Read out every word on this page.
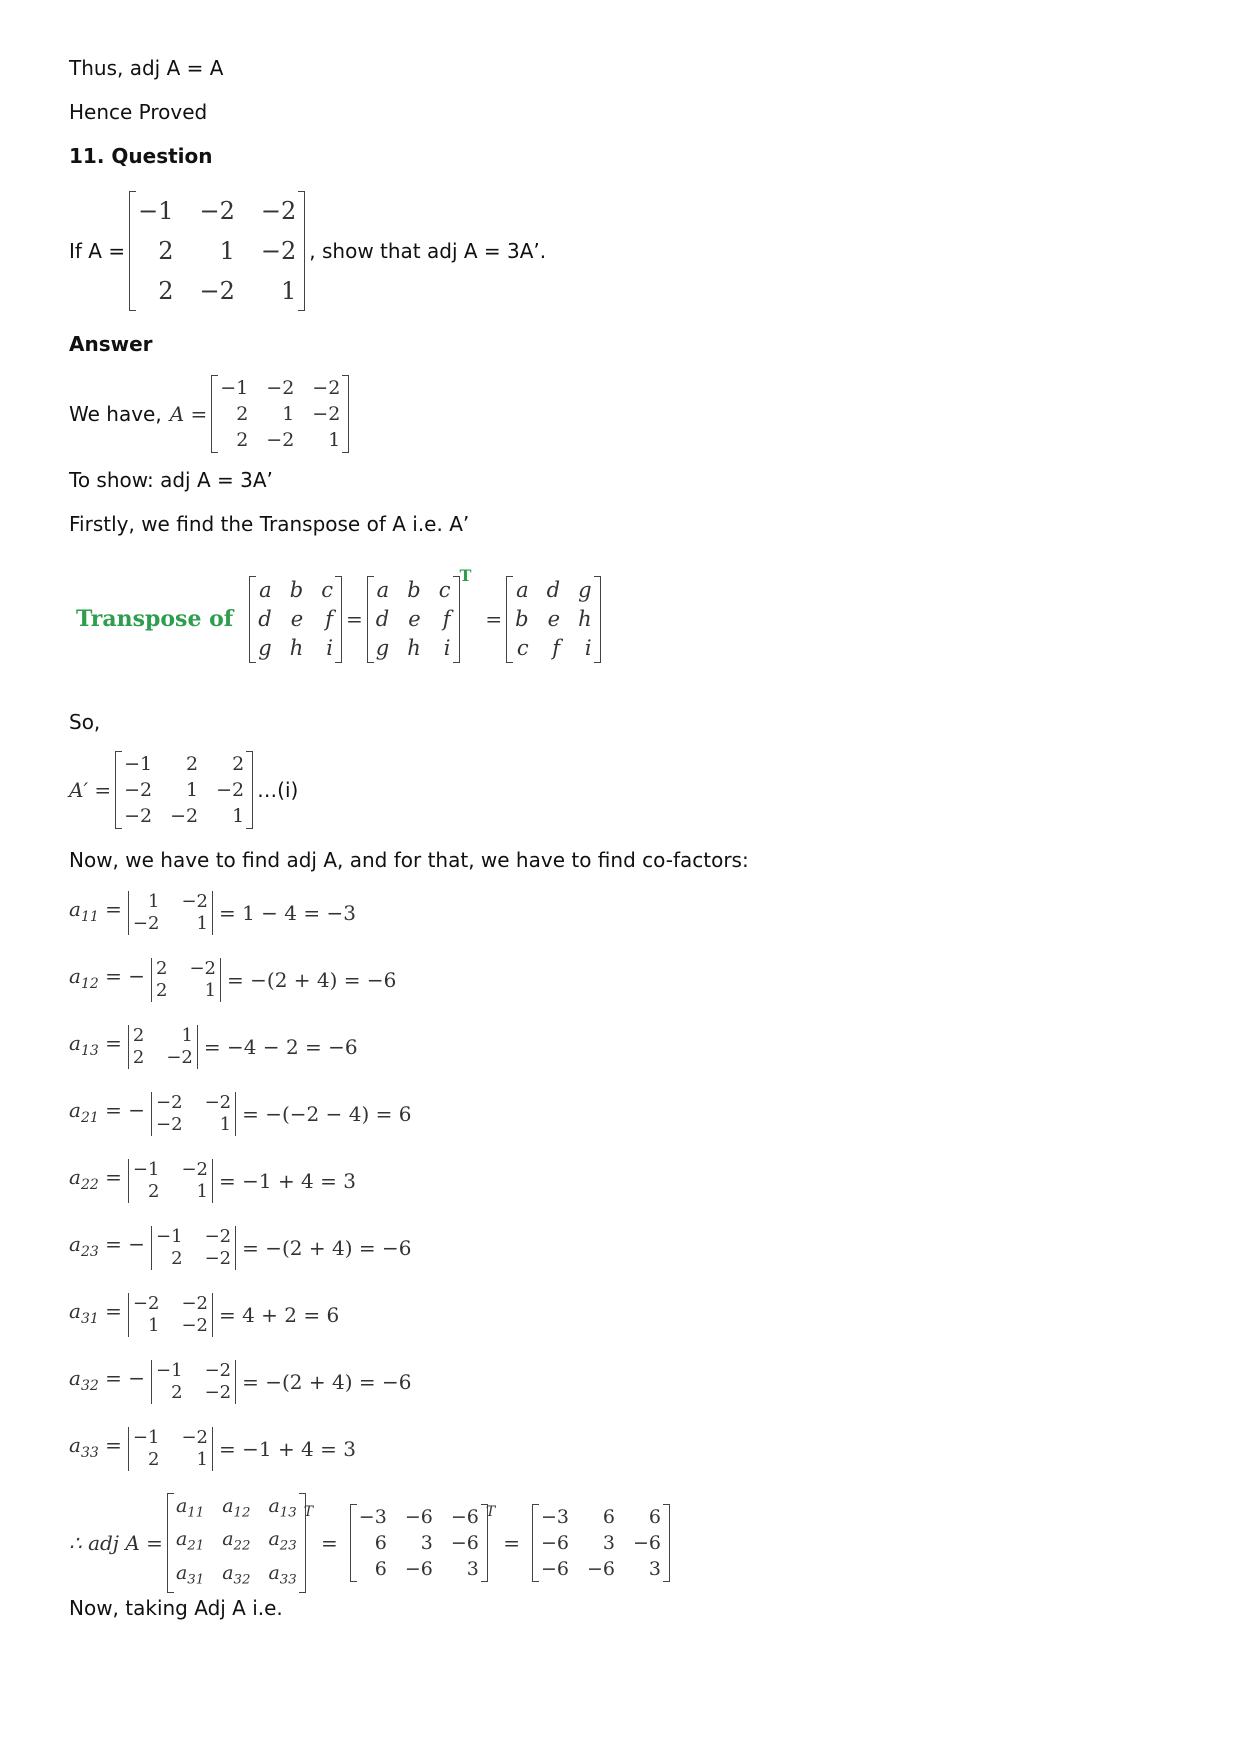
Thus, adj A = A
Hence Proved
11. Question
If A =
−1 −2 −2
2	1 −2
2 −2	1
, show that adj A = 3A’.
Answer
We have, A =
−1 −2 −2
2	1 −2
2 −2	1
To show: adj A = 3A’
Firstly, we find the Transpose of A i.e. A’
Transpose of
a b c
d e f
g h i
=
a b c
d e f
g h i
T
=
a d g
b e h
c f	i
So,
A′ =
−1	2	2
−2	1 −2
−2 −2	1
…(i)
Now, we have to find adj A, and for that, we have to find co-factors:
$a_{11}$ =	1 −2
−2	1 = 1 − 4 = −3
$a_{12}$ = − 2 −2
2	1 = −(2 + 4) = −6
$a_{13} = 2$	1
2 −2 = −4 − 2 = −6
$a_{21}$ = − −2 −2
−2	1 = −(−2 − 4) = 6
$a_{22} = -1 -2$
2	1 = −1 + 4 = 3
$a_{23}$ = − −1 −2
2 −2 = −(2 + 4) = −6
$a_{31} = -2 -2$
1 −2 = 4 + 2 = 6
$a_{32}$ = − −1 −2
2 −2 = −(2 + 4) = −6
$a_{33} = -1 -2$
2	1 = −1 + 4 = 3
∴ adj A =
$a_{11}$ $a_{12}$ $a_{13}$
$a_{21}$ $a_{22}$ $a_{23}$
$a_{31}$ $a_{32}$ $a_{33}$
T
=
−3 −6 −6
6	3 −6
6 −6	3
T
=
−3	6	6
−6	3 −6
−6 −6	3
Now, taking Adj A i.e.
